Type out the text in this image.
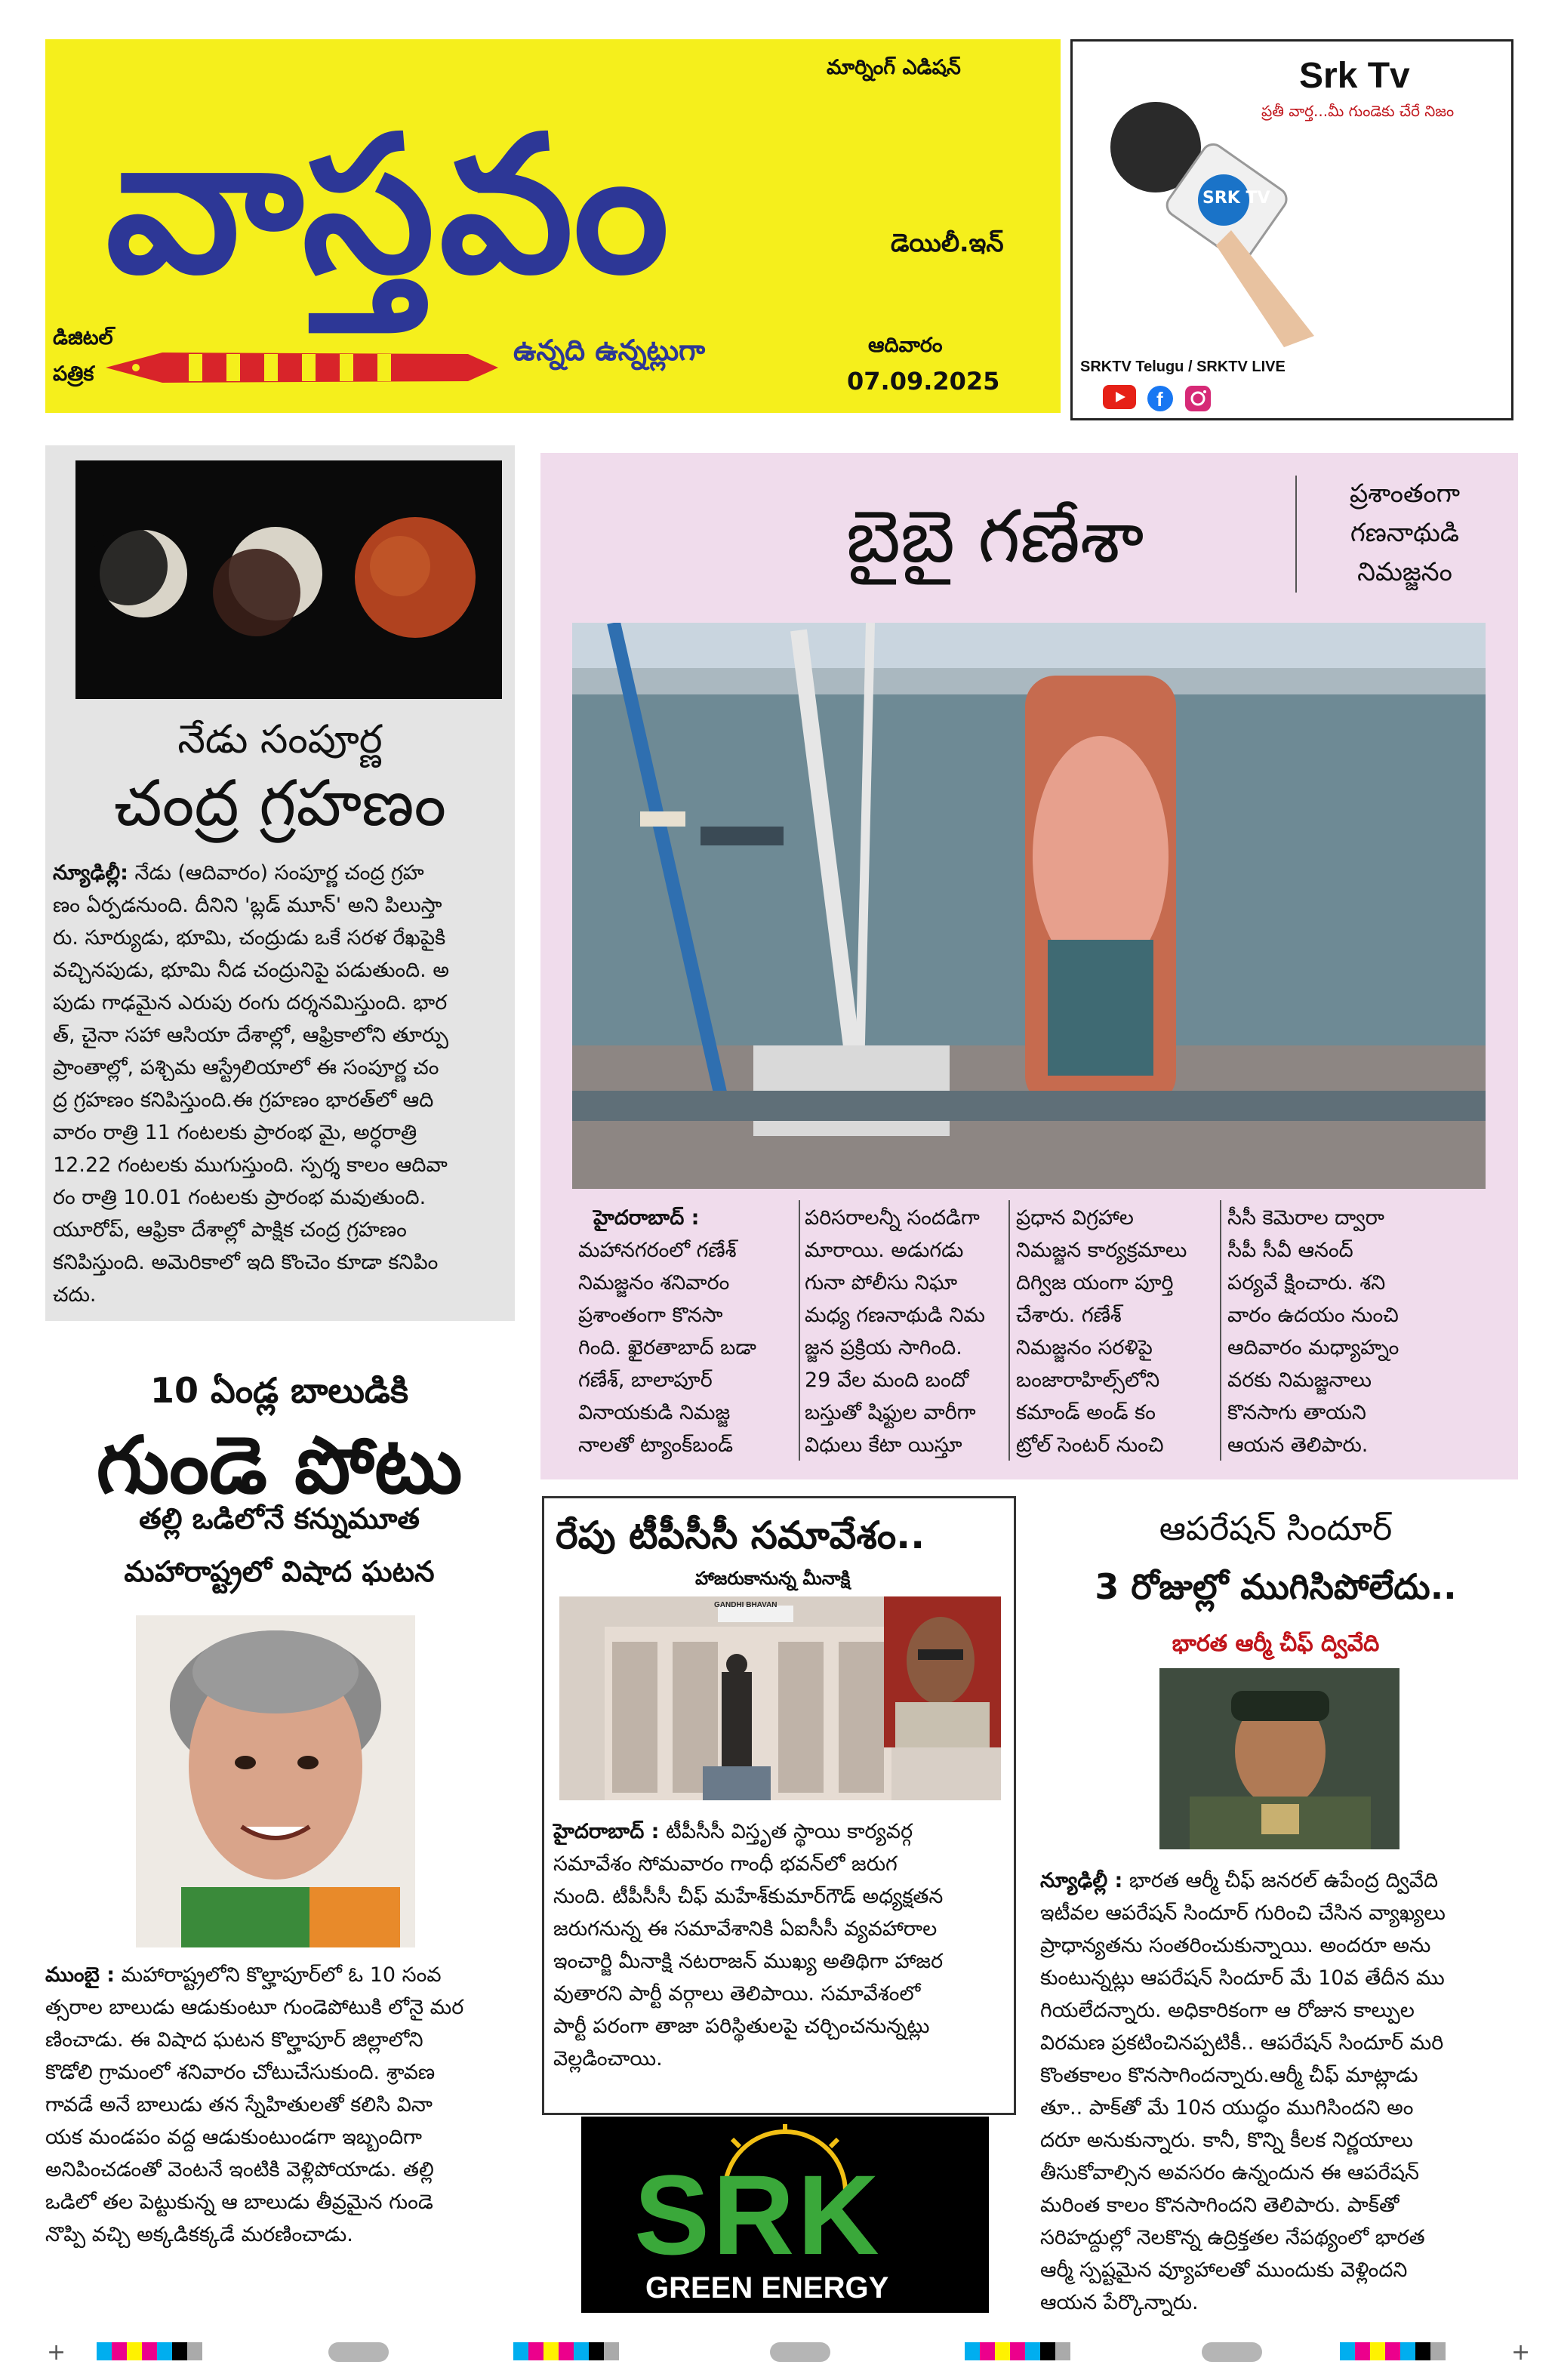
మార్నింగ్ ఎడిషన్
వాస్తవం	డెయిలీ.ఇన్
ఉన్నది ఉన్నట్లుగా
డిజిటల్
పత్రిక
ఆదివారం
07.09.2025
Srk Tv
ప్రతీ వార్త...మీ గుండెకు చేరే నిజం
SRK TV
SRKTV Telugu / SRKTV LIVE
f
నేడు సంపూర్ణ
చంద్ర గ్రహణం
న్యూఢిల్లీ: నేడు (ఆదివారం) సంపూర్ణ చంద్ర గ్రహ
ణం ఏర్పడనుంది. దీనిని 'బ్లడ్ మూన్' అని పిలుస్తా
రు. సూర్యుడు, భూమి, చంద్రుడు ఒకే సరళ రేఖపైకి
వచ్చినపుడు, భూమి నీడ చంద్రునిపై పడుతుంది. అ
పుడు గాఢమైన ఎరుపు రంగు దర్శనమిస్తుంది. భార
త్, చైనా సహా ఆసియా దేశాల్లో, ఆఫ్రికాలోని తూర్పు
ప్రాంతాల్లో, పశ్చిమ ఆస్ట్రేలియాలో ఈ సంపూర్ణ చం
ద్ర గ్రహణం కనిపిస్తుంది.ఈ గ్రహణం భారత్‌లో ఆది
వారం రాత్రి 11 గంటలకు ప్రారంభ మై, అర్ధరాత్రి
12.22 గంటలకు ముగుస్తుంది. స్పర్శ కాలం ఆదివా
రం రాత్రి 10.01 గంటలకు ప్రారంభ మవుతుంది.
యూరోప్, ఆఫ్రికా దేశాల్లో పాక్షిక చంద్ర గ్రహణం
కనిపిస్తుంది. అమెరికాలో ఇది కొంచెం కూడా కనిపిం
చదు.
బైబై గణేశా
ప్రశాంతంగా
గణనాథుడి
నిమజ్జనం
హైదరాబాద్ :
మహానగరంలో గణేశ్
నిమజ్జనం శనివారం
ప్రశాంతంగా కొనసా
గింది. ఖైరతాబాద్ బడా
గణేశ్, బాలాపూర్
వినాయకుడి నిమజ్జ
నాలతో ట్యాంక్‌బండ్
పరిసరాలన్నీ సందడిగా
మారాయి. అడుగడు
గునా పోలీసు నిఘా
మధ్య గణనాథుడి నిమ
జ్జన ప్రక్రియ సాగింది.
29 వేల మంది బందో
బస్తుతో షిఫ్టుల వారీగా
విధులు కేటా యిస్తూ
ప్రధాన విగ్రహాల
నిమజ్జన కార్యక్రమాలు
దిగ్విజ యంగా పూర్తి
చేశారు. గణేశ్
నిమజ్జనం సరళిపై
బంజారాహిల్స్‌లోని
కమాండ్ అండ్ కం
ట్రోల్ సెంటర్ నుంచి
సీసీ కెమెరాల ద్వారా
సీపీ సీవీ ఆనంద్
పర్యవే క్షించారు. శని
వారం ఉదయం నుంచి
ఆదివారం మధ్యాహ్నం
వరకు నిమజ్జనాలు
కొనసాగు తాయని
ఆయన తెలిపారు.
10 ఏండ్ల బాలుడికి
గుండె పోటు
తల్లి ఒడిలోనే కన్నుమూత
మహారాష్ట్రలో విషాద ఘటన
ముంబై : మహారాష్ట్రలోని కొల్హాపూర్‌లో ఓ 10 సంవ
త్సరాల బాలుడు ఆడుకుంటూ గుండెపోటుకి లోనై మర
ణించాడు. ఈ విషాద ఘటన కొల్హాపూర్ జిల్లాలోని
కొడోలి గ్రామంలో శనివారం చోటుచేసుకుంది. శ్రావణ
గావడే అనే బాలుడు తన స్నేహితులతో కలిసి వినా
యక మండపం వద్ద ఆడుకుంటుండగా ఇబ్బందిగా
అనిపించడంతో వెంటనే ఇంటికి వెళ్లిపోయాడు. తల్లి
ఒడిలో తల పెట్టుకున్న ఆ బాలుడు తీవ్రమైన గుండె
నొప్పి వచ్చి అక్కడికక్కడే మరణించాడు.
రేపు టీపీసీసీ సమావేశం..
హాజరుకానున్న మీనాక్షి
GANDHI BHAVAN
హైదరాబాద్ : టీపీసీసీ విస్తృత స్థాయి కార్యవర్గ
సమావేశం సోమవారం గాంధీ భవన్‌లో జరుగ
నుంది. టీపీసీసీ చీఫ్ మహేశ్‌కుమార్‌గౌడ్ అధ్యక్షతన
జరుగనున్న ఈ సమావేశానికి ఏఐసీసీ వ్యవహారాల
ఇంచార్జి మీనాక్షి నటరాజన్ ముఖ్య అతిథిగా హాజర
వుతారని పార్టీ వర్గాలు తెలిపాయి. సమావేశంలో
పార్టీ పరంగా తాజా పరిస్థితులపై చర్చించనున్నట్లు
వెల్లడించాయి.
ఆపరేషన్ సిందూర్
3 రోజుల్లో ముగిసిపోలేదు..
భారత ఆర్మీ చీఫ్ ద్వివేది
న్యూఢిల్లీ : భారత ఆర్మీ చీఫ్ జనరల్ ఉపేంద్ర ద్వివేది
ఇటీవల ఆపరేషన్ సిందూర్ గురించి చేసిన వ్యాఖ్యలు
ప్రాధాన్యతను సంతరించుకున్నాయి. అందరూ అను
కుంటున్నట్లు ఆపరేషన్ సిందూర్ మే 10వ తేదీన ము
గియలేదన్నారు. అధికారికంగా ఆ రోజున కాల్పుల
విరమణ ప్రకటించినప్పటికీ.. ఆపరేషన్ సిందూర్ మరి
కొంతకాలం కొనసాగిందన్నారు.ఆర్మీ చీఫ్ మాట్లాడు
తూ.. పాక్‌తో మే 10న యుద్ధం ముగిసిందని అం
దరూ అనుకున్నారు. కానీ, కొన్ని కీలక నిర్ణయాలు
తీసుకోవాల్సిన అవసరం ఉన్నందున ఈ ఆపరేషన్
మరింత కాలం కొనసాగిందని తెలిపారు. పాక్‌తో
సరిహద్దుల్లో నెలకొన్న ఉద్రిక్తతల నేపథ్యంలో భారత
ఆర్మీ స్పష్టమైన వ్యూహాలతో ముందుకు వెళ్లిందని
ఆయన పేర్కొన్నారు.
SRK
GREEN ENERGY
+	+
